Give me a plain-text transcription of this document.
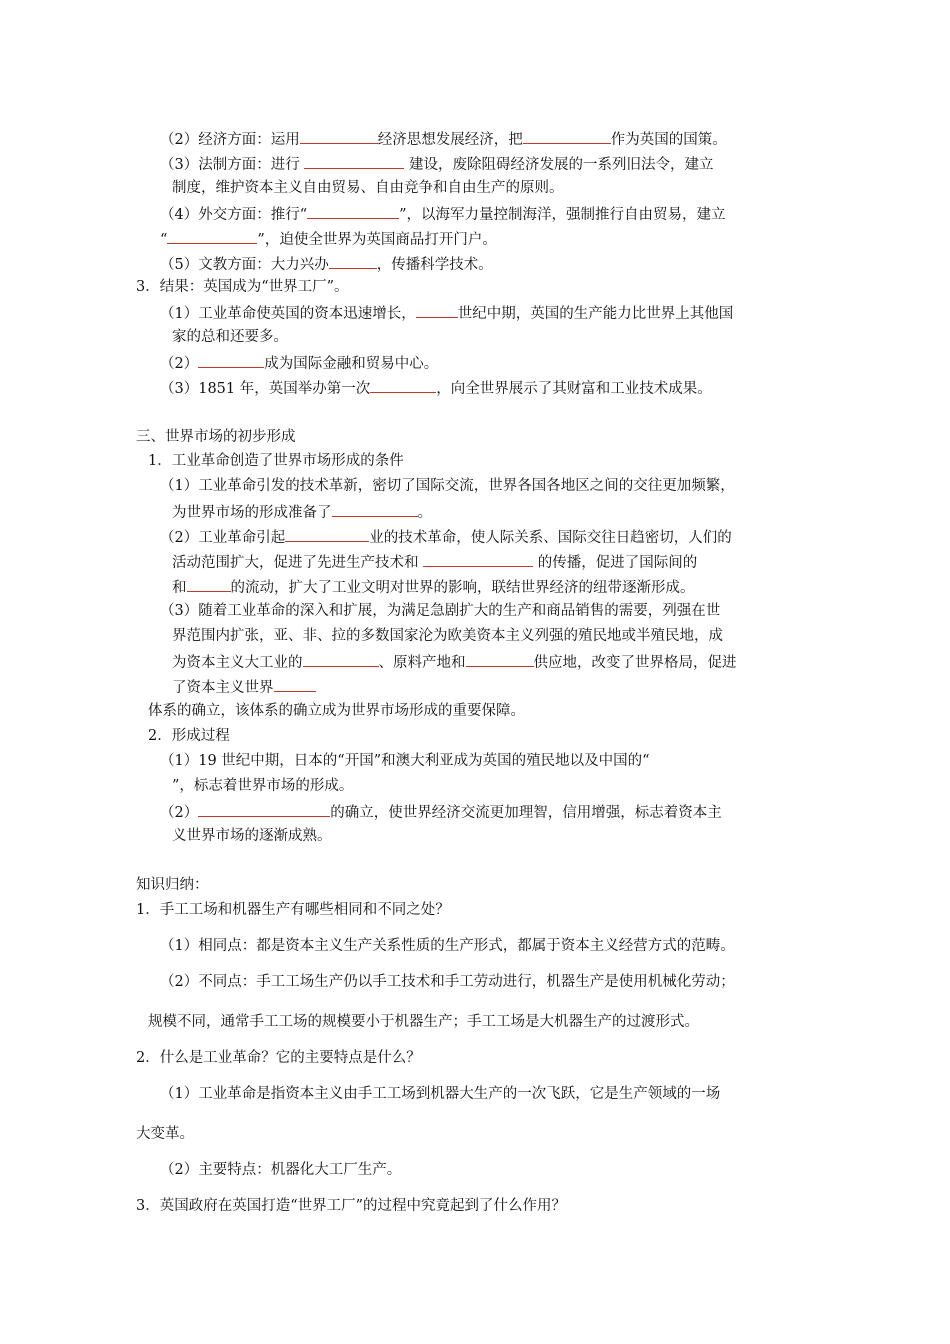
（2）经济方面：运用	经济思想发展经济，把	作为英国的国策。
（3）法制方面：进行	建设，废除阻碍经济发展的一系列旧法令，建立
制度，维护资本主义自由贸易、自由竞争和自由生产的原则。
（4）外交方面：推行“	”，以海军力量控制海洋，强制推行自由贸易，建立
“	”，迫使全世界为英国商品打开门户。
（5）文教方面：大力兴办	，传播科学技术。
3．结果：英国成为“世界工厂”。
（1）工业革命使英国的资本迅速增长，	世纪中期，英国的生产能力比世界上其他国
家的总和还要多。
（2）	成为国际金融和贸易中心。
（3）1851 年，英国举办第一次	，向全世界展示了其财富和工业技术成果。
三、世界市场的初步形成
1．工业革命创造了世界市场形成的条件
（1）工业革命引发的技术革新，密切了国际交流，世界各国各地区之间的交往更加频繁，
为世界市场的形成准备了	。
（2）工业革命引起	业的技术革命，使人际关系、国际交往日趋密切，人们的
活动范围扩大，促进了先进生产技术和	的传播，促进了国际间的
和	的流动，扩大了工业文明对世界的影响，联结世界经济的纽带逐渐形成。
（3）随着工业革命的深入和扩展，为满足急剧扩大的生产和商品销售的需要，列强在世
界范围内扩张，亚、非、拉的多数国家沦为欧美资本主义列强的殖民地或半殖民地，成
为资本主义大工业的	、原料产地和	供应地，改变了世界格局，促进
了资本主义世界
体系的确立，该体系的确立成为世界市场形成的重要保障。
2．形成过程
（1）19 世纪中期，日本的“开国”和澳大利亚成为英国的殖民地以及中国的“
”，标志着世界市场的形成。
（2）	的确立，使世界经济交流更加理智，信用增强，标志着资本主
义世界市场的逐渐成熟。
知识归纳：
1．手工工场和机器生产有哪些相同和不同之处？
（1）相同点：都是资本主义生产关系性质的生产形式，都属于资本主义经营方式的范畴。
（2）不同点：手工工场生产仍以手工技术和手工劳动进行，机器生产是使用机械化劳动；
规模不同，通常手工工场的规模要小于机器生产；手工工场是大机器生产的过渡形式。
2．什么是工业革命？它的主要特点是什么？
（1）工业革命是指资本主义由手工工场到机器大生产的一次飞跃，它是生产领域的一场
大变革。
（2）主要特点：机器化大工厂生产。
3．英国政府在英国打造“世界工厂”的过程中究竟起到了什么作用？
